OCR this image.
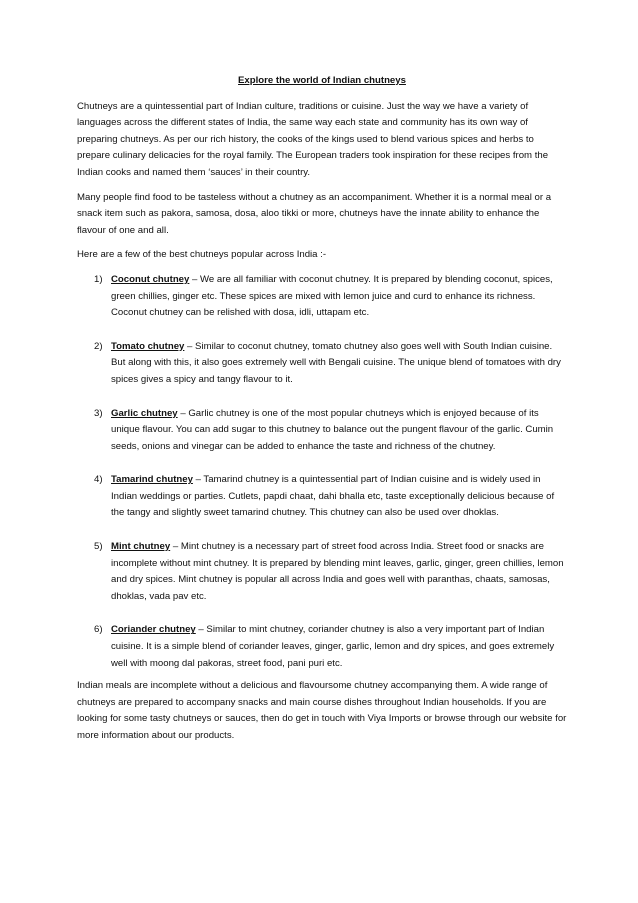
Explore the world of Indian chutneys

Chutneys are a quintessential part of Indian culture, traditions or cuisine. Just the way we have a variety of languages across the different states of India, the same way each state and community has its own way of preparing chutneys. As per our rich history, the cooks of the kings used to blend various spices and herbs to prepare culinary delicacies for the royal family. The European traders took inspiration for these recipes from the Indian cooks and named them ‘sauces’ in their country.

Many people find food to be tasteless without a chutney as an accompaniment. Whether it is a normal meal or a snack item such as pakora, samosa, dosa, aloo tikki or more, chutneys have the innate ability to enhance the flavour of one and all.

Here are a few of the best chutneys popular across India :-

1) Coconut chutney – We are all familiar with coconut chutney. It is prepared by blending coconut, spices, green chillies, ginger etc. These spices are mixed with lemon juice and curd to enhance its richness. Coconut chutney can be relished with dosa, idli, uttapam etc.
2) Tomato chutney – Similar to coconut chutney, tomato chutney also goes well with South Indian cuisine. But along with this, it also goes extremely well with Bengali cuisine. The unique blend of tomatoes with dry spices gives a spicy and tangy flavour to it.
3) Garlic chutney – Garlic chutney is one of the most popular chutneys which is enjoyed because of its unique flavour. You can add sugar to this chutney to balance out the pungent flavour of the garlic. Cumin seeds, onions and vinegar can be added to enhance the taste and richness of the chutney.
4) Tamarind chutney – Tamarind chutney is a quintessential part of Indian cuisine and is widely used in Indian weddings or parties. Cutlets, papdi chaat, dahi bhalla etc, taste exceptionally delicious because of the tangy and slightly sweet tamarind chutney. This chutney can also be used over dhoklas.
5) Mint chutney – Mint chutney is a necessary part of street food across India. Street food or snacks are incomplete without mint chutney. It is prepared by blending mint leaves, garlic, ginger, green chillies, lemon and dry spices. Mint chutney is popular all across India and goes well with paranthas, chaats, samosas, dhoklas, vada pav etc.
6) Coriander chutney – Similar to mint chutney, coriander chutney is also a very important part of Indian cuisine. It is a simple blend of coriander leaves, ginger, garlic, lemon and dry spices, and goes extremely well with moong dal pakoras, street food, pani puri etc.

Indian meals are incomplete without a delicious and flavoursome chutney accompanying them. A wide range of chutneys are prepared to accompany snacks and main course dishes throughout Indian households. If you are looking for some tasty chutneys or sauces, then do get in touch with Viya Imports or browse through our website for more information about our products.
